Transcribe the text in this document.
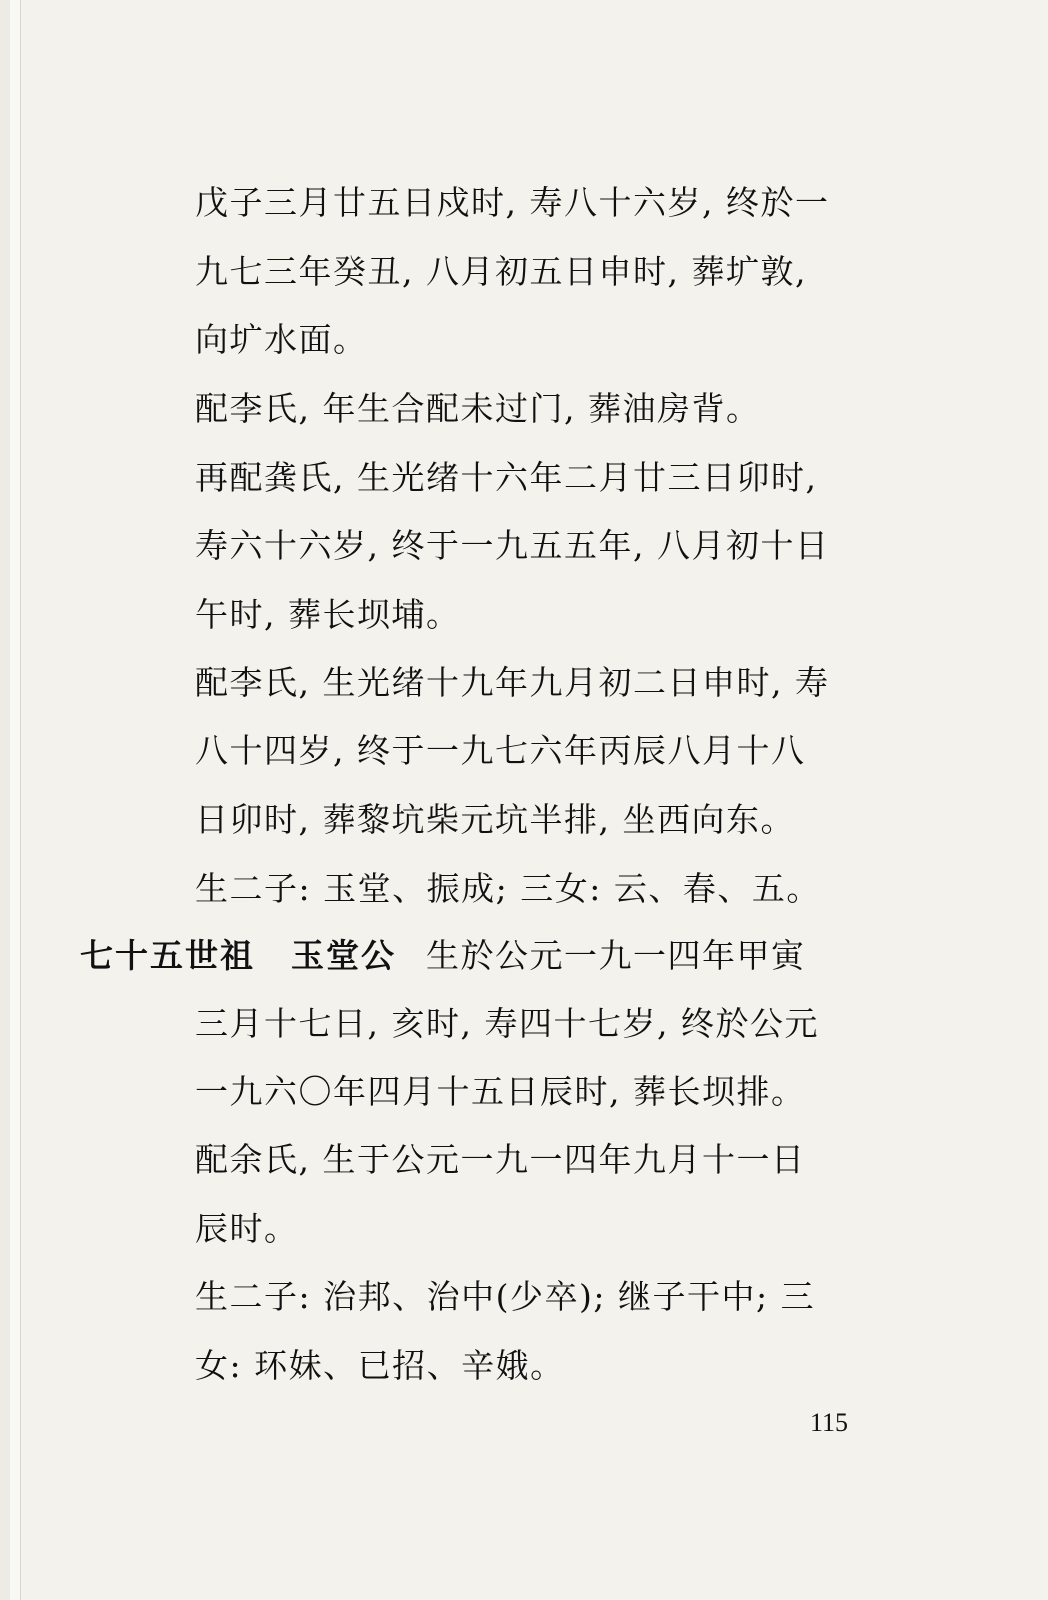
戊子三月廿五日戍时, 寿八十六岁, 终於一
九七三年癸丑, 八月初五日申时, 葬圹敦,
向圹水面。
配李氏, 年生合配未过门, 葬油房背。
再配龚氏, 生光绪十六年二月廿三日卯时,
寿六十六岁, 终于一九五五年, 八月初十日
午时, 葬长坝埔。
配李氏, 生光绪十九年九月初二日申时, 寿
八十四岁, 终于一九七六年丙辰八月十八
日卯时, 葬黎坑柴元坑半排, 坐西向东。
生二子: 玉堂、振成; 三女: 云、春、五。
七十五世祖 玉堂公 生於公元一九一四年甲寅
三月十七日, 亥时, 寿四十七岁, 终於公元
一九六〇年四月十五日辰时, 葬长坝排。
配余氏, 生于公元一九一四年九月十一日
辰时。
生二子: 治邦、治中(少卒); 继子干中; 三
女: 环妹、已招、辛娥。
115
